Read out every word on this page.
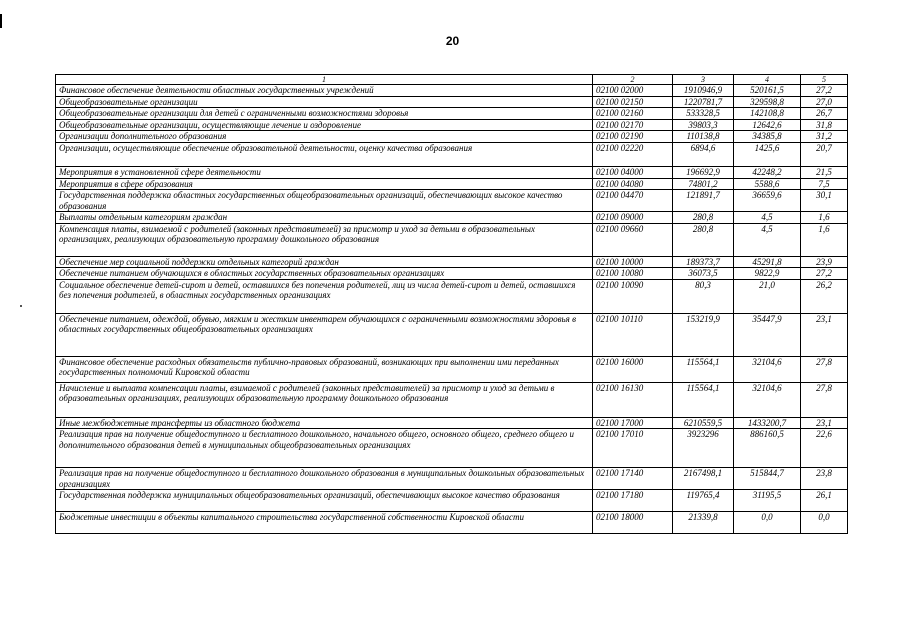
20
1	2	3	4	5
Финансовое обеспечение деятельности областных государственных учреждений	02100 02000	1910946,9	520161,5	27,2
Общеобразовательные организации	02100 02150	1220781,7	329598,8	27,0
Общеобразовательные организации для детей с ограниченными возможностями здоровья	02100 02160	533328,5	142108,8	26,7
Общеобразовательные организации, осуществляющие лечение и оздоровление	02100 02170	39803,3	12642,6	31,8
Организации дополнительного образования	02100 02190	110138,8	34385,8	31,2
Организации, осуществляющие обеспечение образовательной деятельности, оценку качества образования	02100 02220	6894,6	1425,6	20,7
Мероприятия в установленной сфере деятельности	02100 04000	196692,9	42248,2	21,5
Мероприятия в сфере образования	02100 04080	74801,2	5588,6	7,5
Государственная поддержка областных государственных общеобразовательных организаций, обеспечивающих высокое качество образования	02100 04470	121891,7	36659,6	30,1
Выплаты отдельным категориям граждан	02100 09000	280,8	4,5	1,6
Компенсация платы, взимаемой с родителей (законных представителей) за присмотр и уход за детьми в образовательных организациях, реализующих образовательную программу дошкольного образования	02100 09660	280,8	4,5	1,6
Обеспечение мер социальной поддержки отдельных категорий граждан	02100 10000	189373,7	45291,8	23,9
Обеспечение питанием обучающихся в областных государственных образовательных организациях	02100 10080	36073,5	9822,9	27,2
Социальное обеспечение детей-сирот и детей, оставшихся без попечения родителей, лиц из числа детей-сирот и детей, оставшихся без попечения родителей, в областных государственных организациях	02100 10090	80,3	21,0	26,2
Обеспечение питанием, одеждой, обувью, мягким и жестким инвентарем обучающихся с ограниченными возможностями здоровья в областных государственных общеобразовательных организациях	02100 10110	153219,9	35447,9	23,1
Финансовое обеспечение расходных обязательств публично-правовых образований, возникающих при выполнении ими переданных государственных полномочий Кировской области	02100 16000	115564,1	32104,6	27,8
Начисление и выплата компенсации платы, взимаемой с родителей (законных представителей) за присмотр и уход за детьми в образовательных организациях, реализующих образовательную программу дошкольного образования	02100 16130	115564,1	32104,6	27,8
Иные межбюджетные трансферты из областного бюджета	02100 17000	6210559,5	1433200,7	23,1
Реализация прав на получение общедоступного и бесплатного дошкольного, начального общего, основного общего, среднего общего и дополнительного образования детей в муниципальных общеобразовательных организациях	02100 17010	3923296	886160,5	22,6
Реализация прав на получение общедоступного и бесплатного дошкольного образования в муниципальных дошкольных образовательных организациях	02100 17140	2167498,1	515844,7	23,8
Государственная поддержка муниципальных общеобразовательных организаций, обеспечивающих высокое качество образования	02100 17180	119765,4	31195,5	26,1
Бюджетные инвестиции в объекты капитального строительства государственной собственности Кировской области	02100 18000	21339,8	0,0	0,0
